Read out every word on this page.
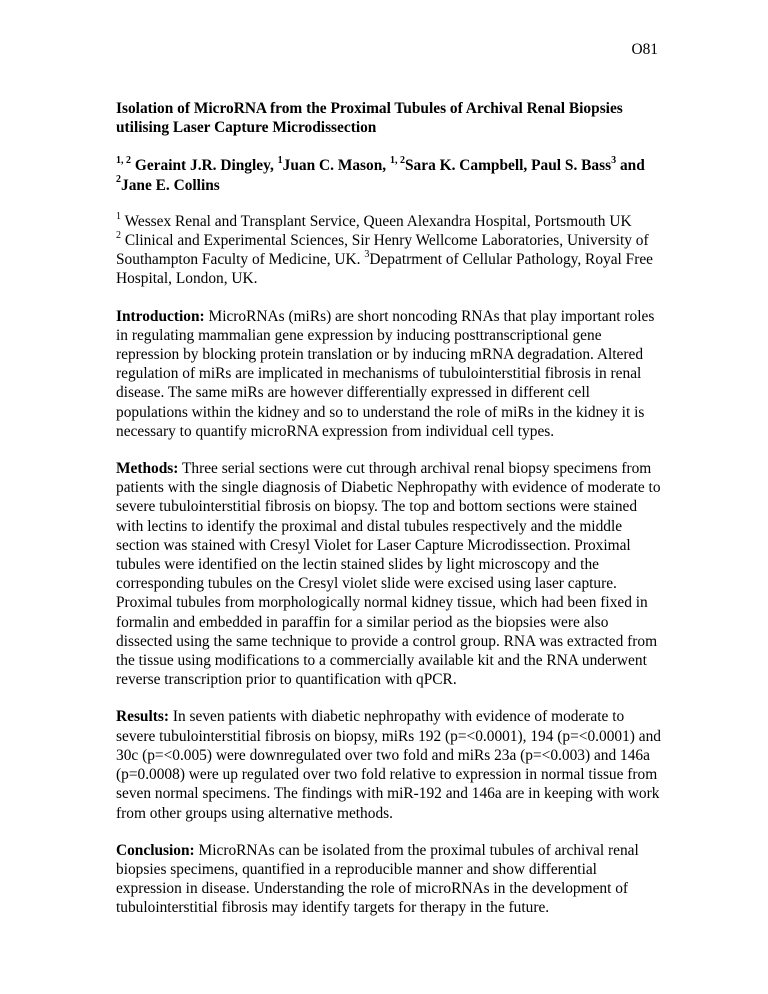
O81

Isolation of MicroRNA from the Proximal Tubules of Archival Renal Biopsies utilising Laser Capture Microdissection

$^{1, 2}$ Geraint J.R. Dingley, $^1$Juan C. Mason, $^{1, 2}$Sara K. Campbell, Paul S. Bass$^3$ and
$^2$Jane E. Collins

$^1$ Wessex Renal and Transplant Service, Queen Alexandra Hospital, Portsmouth UK

$^2$ Clinical and Experimental Sciences, Sir Henry Wellcome Laboratories, University of Southampton Faculty of Medicine, UK. $^3$Depatrment of Cellular Pathology, Royal Free Hospital, London, UK.

Introduction: MicroRNAs (miRs) are short noncoding RNAs that play important roles in regulating mammalian gene expression by inducing posttranscriptional gene repression by blocking protein translation or by inducing mRNA degradation. Altered regulation of miRs are implicated in mechanisms of tubulointerstitial fibrosis in renal disease. The same miRs are however differentially expressed in different cell populations within the kidney and so to understand the role of miRs in the kidney it is necessary to quantify microRNA expression from individual cell types.

Methods: Three serial sections were cut through archival renal biopsy specimens from patients with the single diagnosis of Diabetic Nephropathy with evidence of moderate to severe tubulointerstitial fibrosis on biopsy. The top and bottom sections were stained with lectins to identify the proximal and distal tubules respectively and the middle section was stained with Cresyl Violet for Laser Capture Microdissection. Proximal tubules were identified on the lectin stained slides by light microscopy and the corresponding tubules on the Cresyl violet slide were excised using laser capture. Proximal tubules from morphologically normal kidney tissue, which had been fixed in formalin and embedded in paraffin for a similar period as the biopsies were also dissected using the same technique to provide a control group. RNA was extracted from the tissue using modifications to a commercially available kit and the RNA underwent reverse transcription prior to quantification with qPCR.

Results: In seven patients with diabetic nephropathy with evidence of moderate to severe tubulointerstitial fibrosis on biopsy, miRs 192 (p=<0.0001), 194 (p=<0.0001) and 30c (p=<0.005) were downregulated over two fold and miRs 23a (p=<0.003) and 146a (p=0.0008) were up regulated over two fold relative to expression in normal tissue from seven normal specimens. The findings with miR-192 and 146a are in keeping with work from other groups using alternative methods.

Conclusion: MicroRNAs can be isolated from the proximal tubules of archival renal biopsies specimens, quantified in a reproducible manner and show differential expression in disease. Understanding the role of microRNAs in the development of tubulointerstitial fibrosis may identify targets for therapy in the future.
